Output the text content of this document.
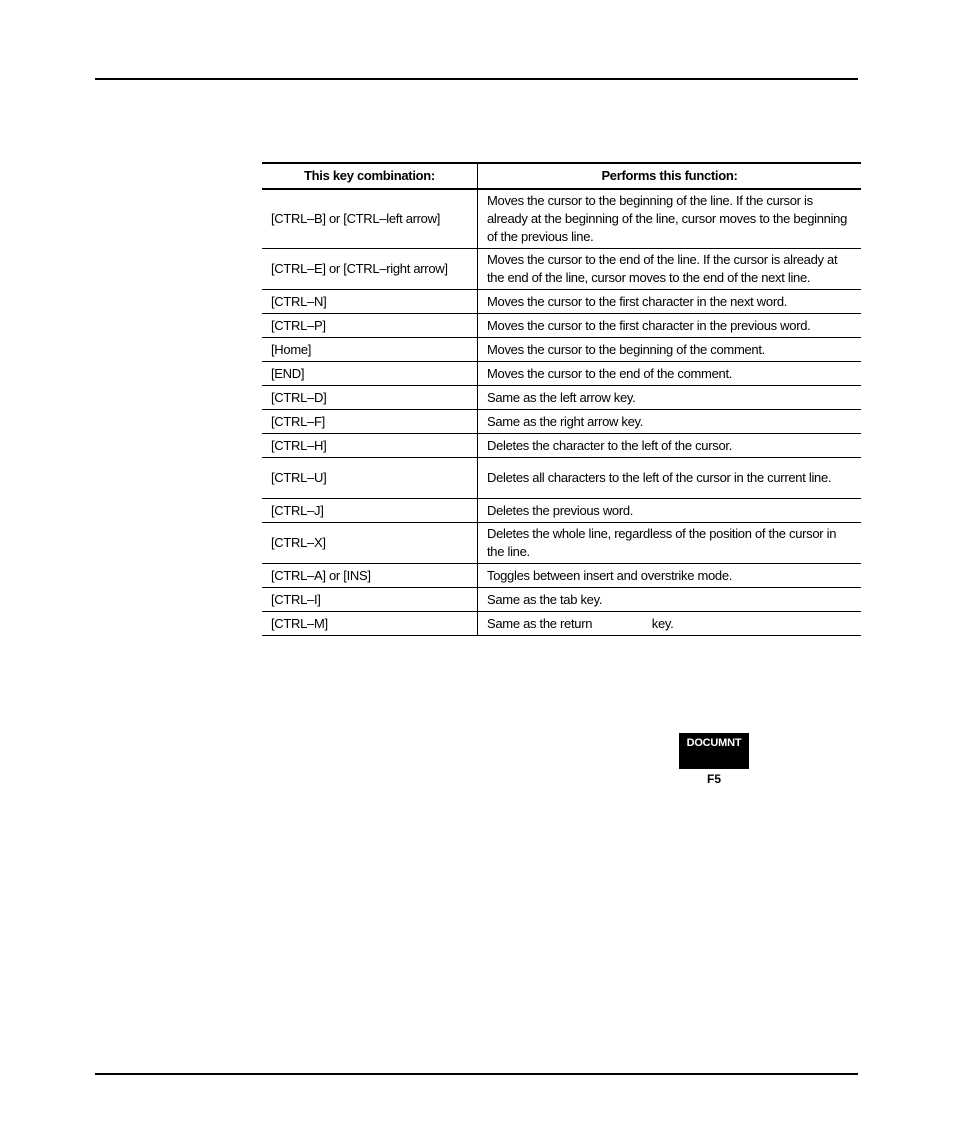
This key combination:	Performs this function:
[CTRL–B] or [CTRL–left arrow]	Moves the cursor to the beginning of the line. If the cursor is already at the beginning of the line, cursor moves to the beginning of the previous line.
[CTRL–E] or [CTRL–right arrow]	Moves the cursor to the end of the line. If the cursor is already at the end of the line, cursor moves to the end of the next line.
[CTRL–N]	Moves the cursor to the first character in the next word.
[CTRL–P]	Moves the cursor to the first character in the previous word.
[Home]	Moves the cursor to the beginning of the comment.
[END]	Moves the cursor to the end of the comment.
[CTRL–D]	Same as the left arrow key.
[CTRL–F]	Same as the right arrow key.
[CTRL–H]	Deletes the character to the left of the cursor.
[CTRL–U]	Deletes all characters to the left of the cursor in the current line.
[CTRL–J]	Deletes the previous word.
[CTRL–X]	Deletes the whole line, regardless of the position of the cursor in the line.
[CTRL–A] or [INS]	Toggles between insert and overstrike mode.
[CTRL–I]	Same as the tab key.
[CTRL–M]	Same as the return                  key.
DOCUMNT
F5
